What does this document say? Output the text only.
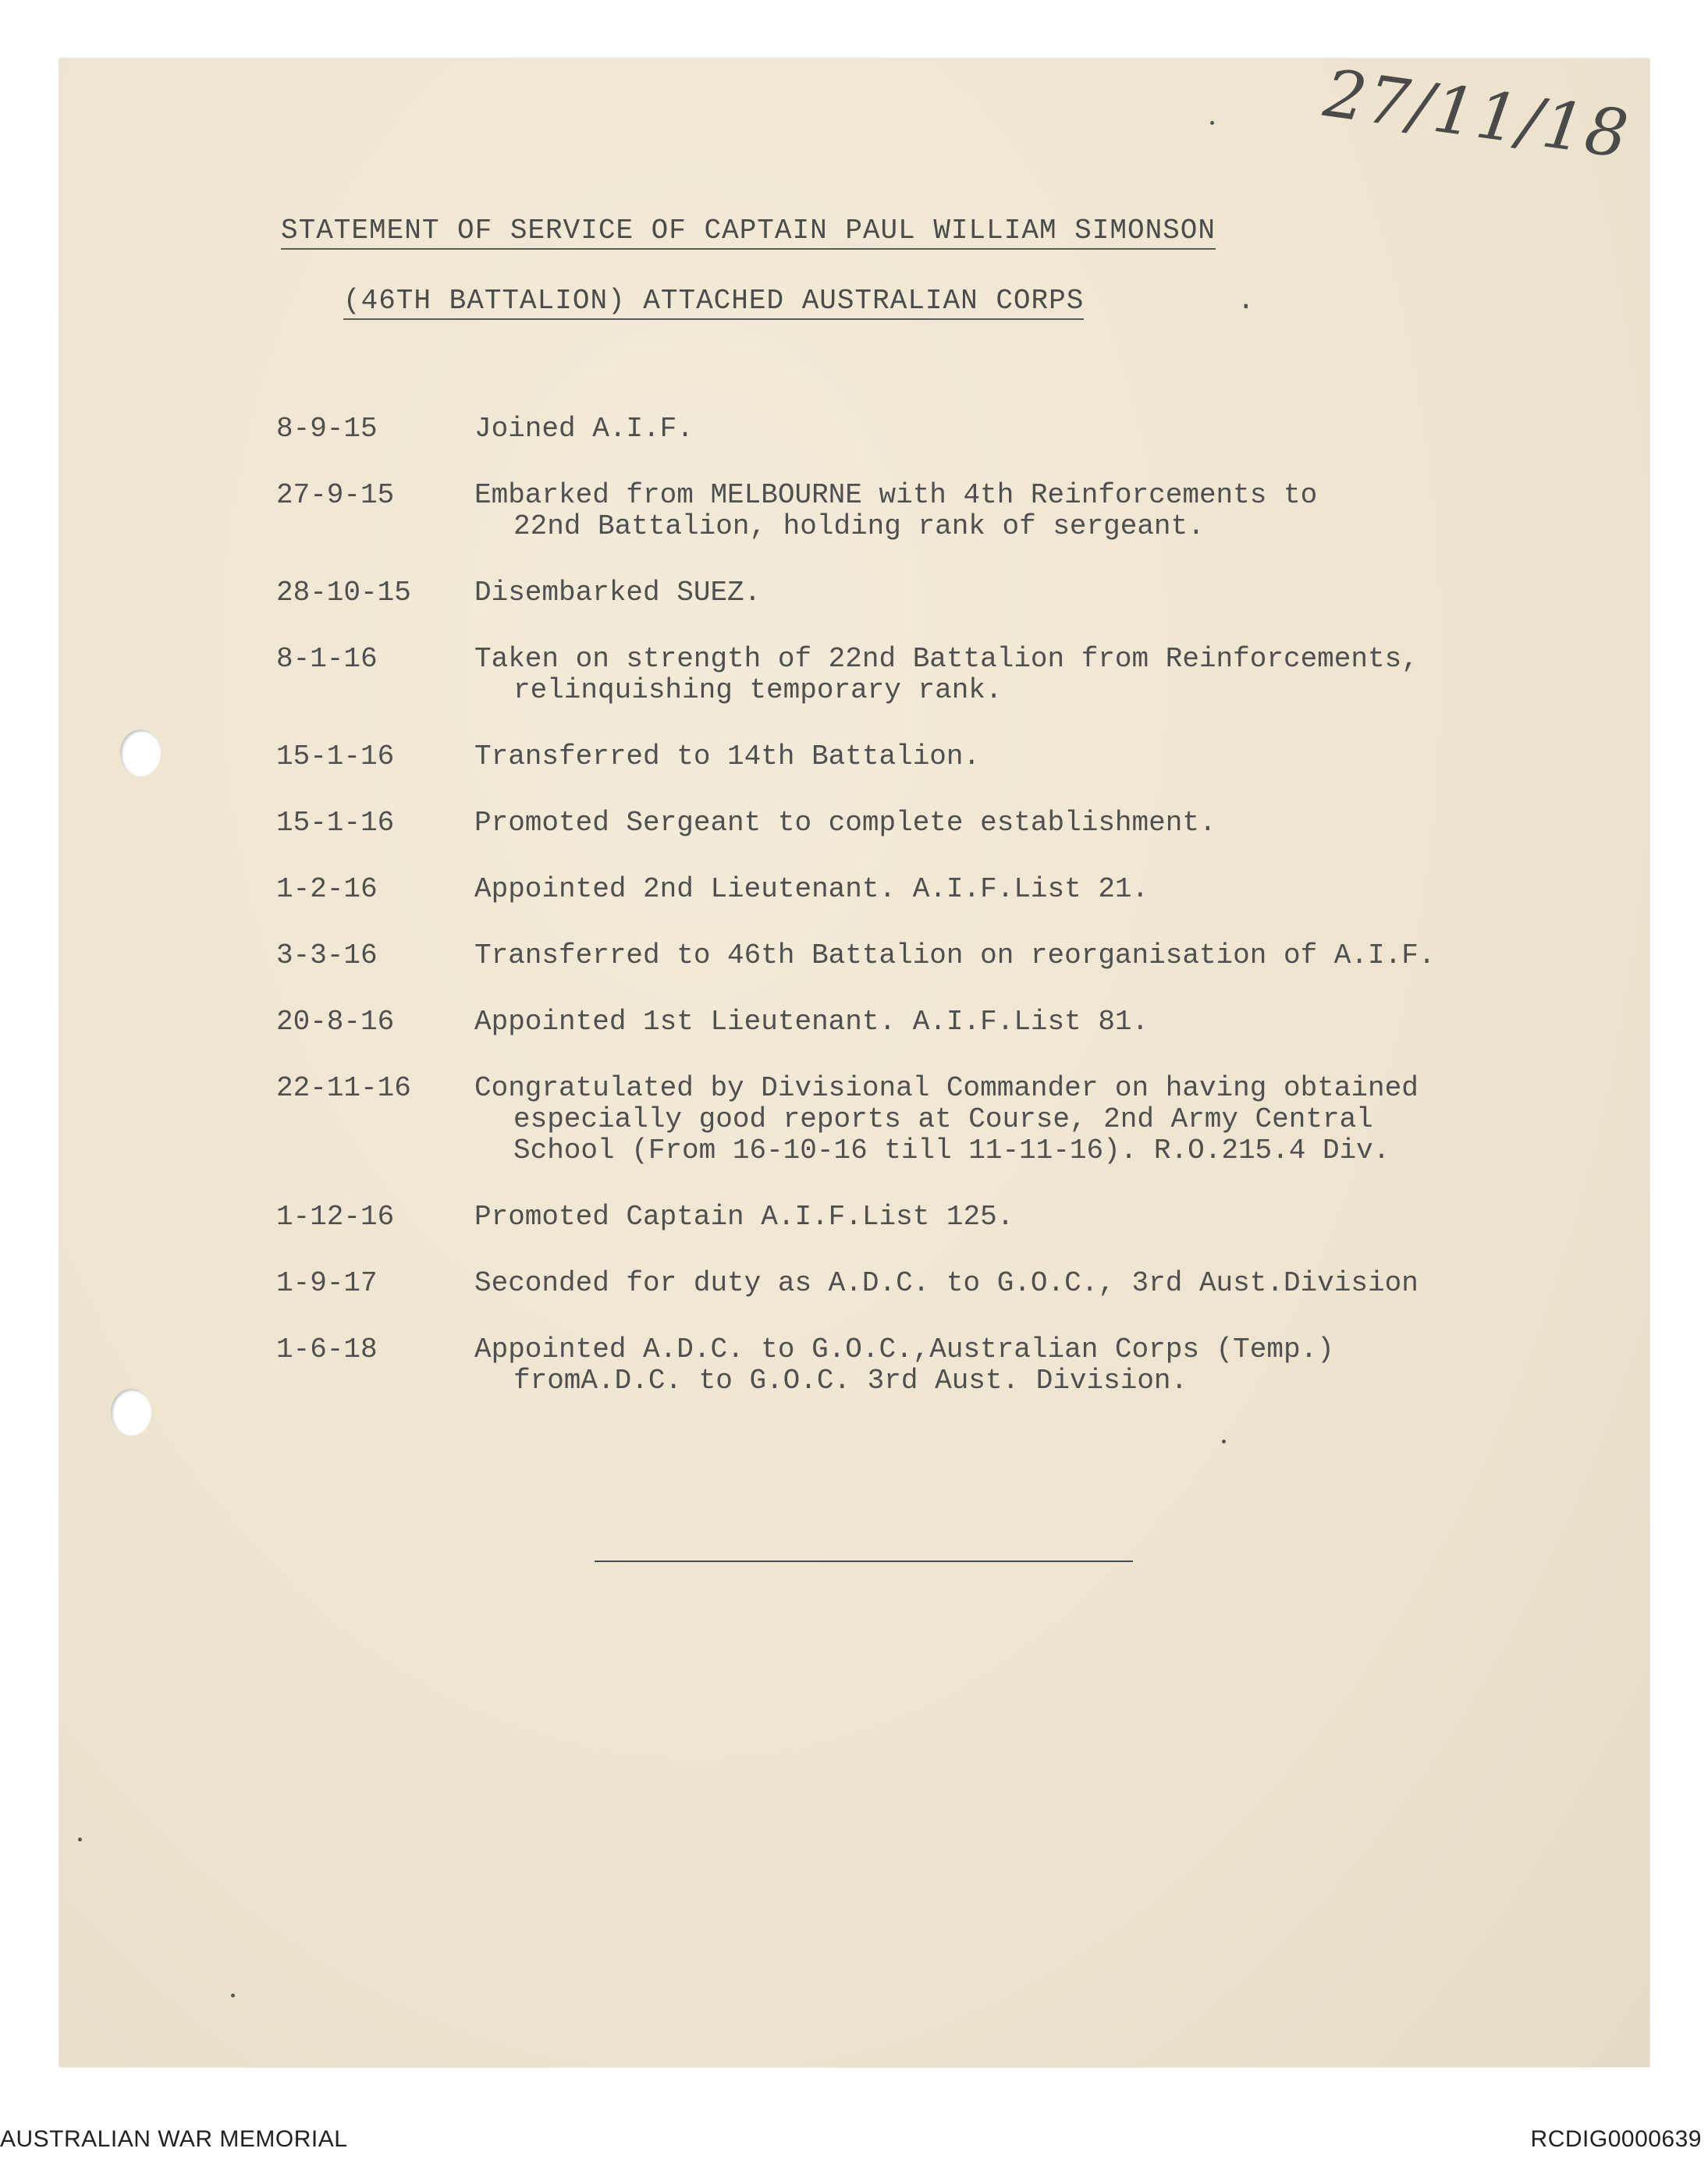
27/11/18
STATEMENT OF SERVICE OF CAPTAIN PAUL WILLIAM SIMONSON
(46TH BATTALION) ATTACHED AUSTRALIAN CORPS	.
8-9-15	Joined A.I.F.
27-9-15	Embarked from MELBOURNE with 4th Reinforcements to
22nd Battalion, holding rank of sergeant.
28-10-15 Disembarked SUEZ.
8-1-16	Taken on strength of 22nd Battalion from Reinforcements,
relinquishing temporary rank.
15-1-16	Transferred to 14th Battalion.
15-1-16	Promoted Sergeant to complete establishment.
1-2-16	Appointed 2nd Lieutenant. A.I.F.List 21.
3-3-16	Transferred to 46th Battalion on reorganisation of A.I.F.
20-8-16	Appointed 1st Lieutenant. A.I.F.List 81.
22-11-16 Congratulated by Divisional Commander on having obtained
especially good reports at Course, 2nd Army Central
School (From 16-10-16 till 11-11-16). R.O.215.4 Div.
1-12-16	Promoted Captain A.I.F.List 125.
1-9-17	Seconded for duty as A.D.C. to G.O.C., 3rd Aust.Division
1-6-18	Appointed A.D.C. to G.O.C.,Australian Corps (Temp.)
fromA.D.C. to G.O.C. 3rd Aust. Division.
AUSTRALIAN WAR MEMORIAL	RCDIG0000639
